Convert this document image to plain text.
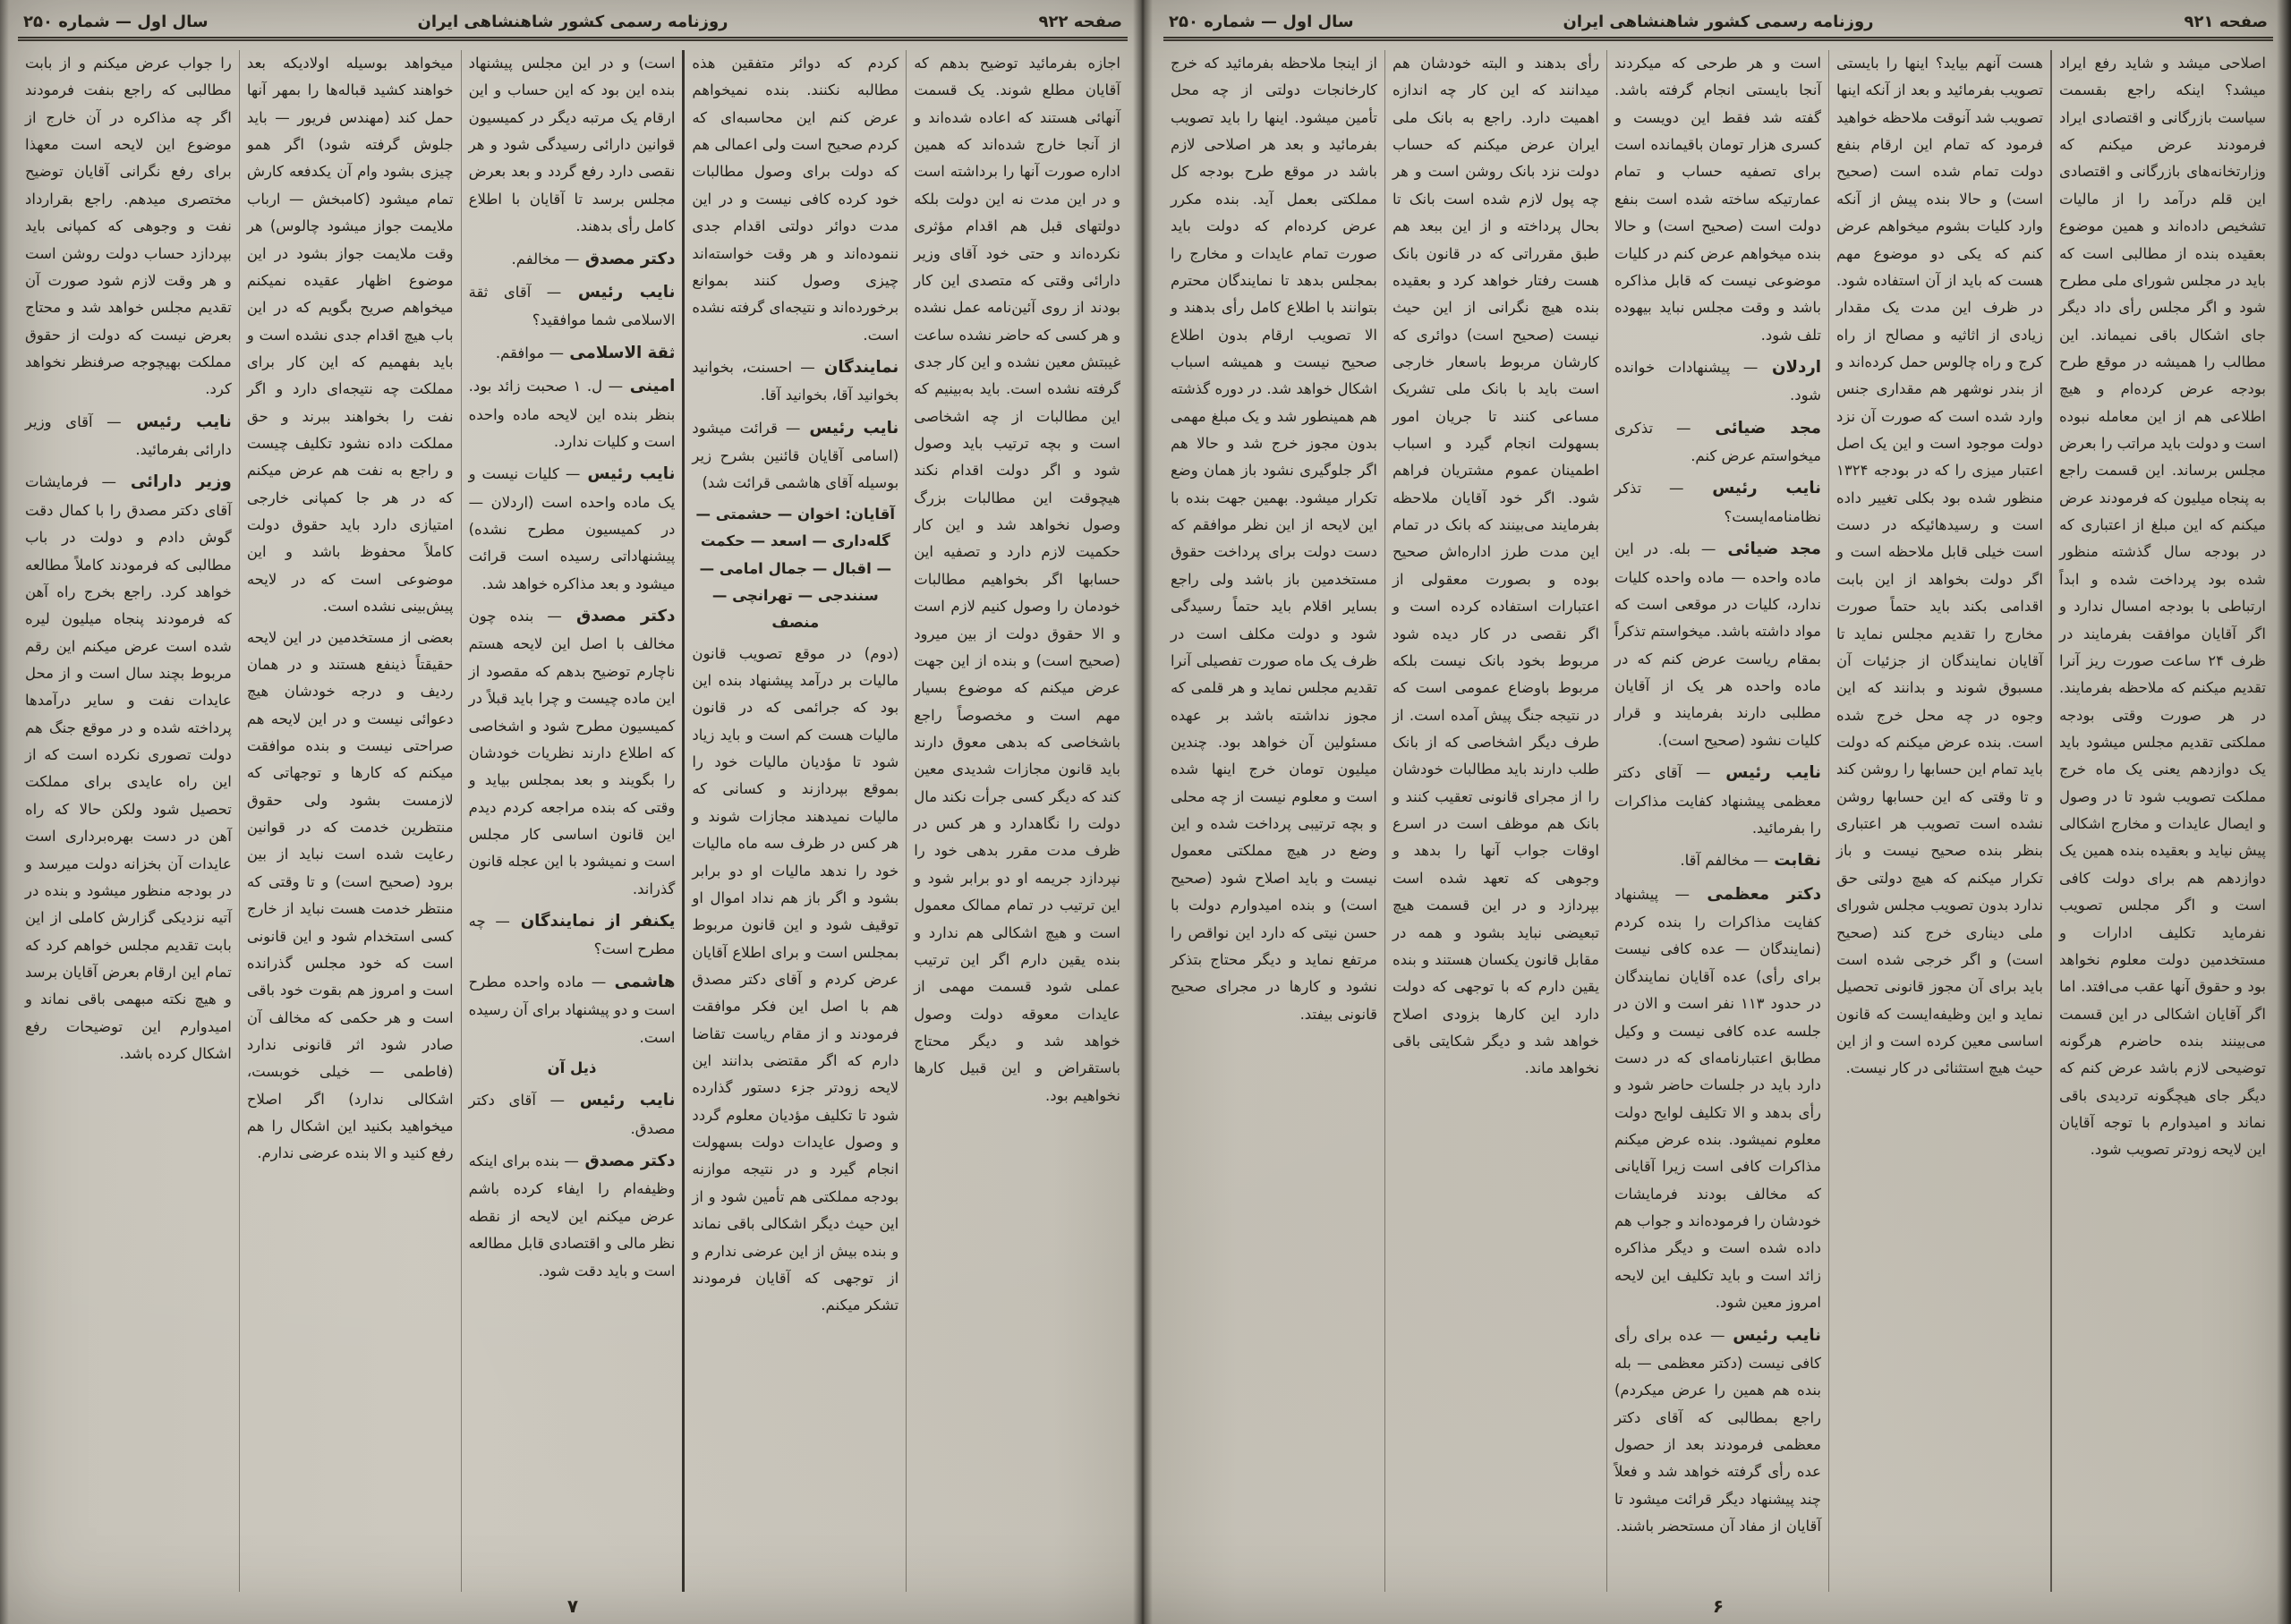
صفحه ۹۲۱
روزنامه رسمی کشور شاهنشاهی ایران
سال اول — شماره ۲۵۰

اصلاحی میشد و شاید رفع ایراد میشد؟ اینکه راجع بقسمت سیاست بازرگانی و اقتصادی ایراد فرمودند عرض میکنم که وزارتخانه‌های بازرگانی و اقتصادی این قلم درآمد را از مالیات تشخیص داده‌اند و همین موضوع بعقیده بنده از مطالبی است که باید در مجلس شورای ملی مطرح شود و اگر مجلس رأی داد دیگر جای اشکال باقی نمیماند. این مطالب را همیشه در موقع طرح بودجه عرض کرده‌ام و هیچ اطلاعی هم از این معامله نبوده است و دولت باید مراتب را بعرض مجلس برساند. این قسمت راجع به پنجاه میلیون که فرمودند عرض میکنم که این مبلغ از اعتباری که در بودجه سال گذشته منظور شده بود پرداخت شده و ابداً ارتباطی با بودجه امسال ندارد و اگر آقایان موافقت بفرمایند در ظرف ۲۴ ساعت صورت ریز آنرا تقدیم میکنم که ملاحظه بفرمایند. در هر صورت وقتی بودجه مملکتی تقدیم مجلس میشود باید یک دوازدهم یعنی یک ماه خرج مملکت تصویب شود تا در وصول و ایصال عایدات و مخارج اشکالی پیش نیاید و بعقیده بنده همین یک دوازدهم هم برای دولت کافی است و اگر مجلس تصویب نفرماید تکلیف ادارات و مستخدمین دولت معلوم نخواهد بود و حقوق آنها عقب می‌افتد. اما اگر آقایان اشکالی در این قسمت می‌بینند بنده حاضرم هرگونه توضیحی لازم باشد عرض کنم که دیگر جای هیچگونه تردیدی باقی نماند و امیدوارم با توجه آقایان این لایحه زودتر تصویب شود.

هست آنهم بیاید؟ اینها را بایستی تصویب بفرمائید و بعد از آنکه اینها تصویب شد آنوقت ملاحظه خواهید فرمود که تمام این ارقام بنفع دولت تمام شده است (صحیح است) و حالا بنده پیش از آنکه وارد کلیات بشوم میخواهم عرض کنم که یکی دو موضوع مهم هست که باید از آن استفاده شود. در ظرف این مدت یک مقدار زیادی از اثاثیه و مصالح از راه کرج و راه چالوس حمل کرده‌اند و از بندر نوشهر هم مقداری جنس وارد شده است که صورت آن نزد دولت موجود است و این یک اصل اعتبار میزی را که در بودجه ۱۳۲۴ منظور شده بود بکلی تغییر داده است و رسیدهائیکه در دست است خیلی قابل ملاحظه است و اگر دولت بخواهد از این بابت اقدامی بکند باید حتماً صورت مخارج را تقدیم مجلس نماید تا آقایان نمایندگان از جزئیات آن مسبوق شوند و بدانند که این وجوه در چه محل خرج شده است. بنده عرض میکنم که دولت باید تمام این حسابها را روشن کند و تا وقتی که این حسابها روشن نشده است تصویب هر اعتباری بنظر بنده صحیح نیست و باز تکرار میکنم که هیچ دولتی حق ندارد بدون تصویب مجلس شورای ملی دیناری خرج کند (صحیح است) و اگر خرجی شده است باید برای آن مجوز قانونی تحصیل نماید و این وظیفه‌ایست که قانون اساسی معین کرده است و از این حیث هیچ استثنائی در کار نیست.

است و هر طرحی که میکردند آنجا بایستی انجام گرفته باشد. گفته شد فقط این دویست و کسری هزار تومان باقیمانده است برای تصفیه حساب و تمام عمارتیکه ساخته شده است بنفع دولت است (صحیح است) و حالا بنده میخواهم عرض کنم در کلیات موضوعی نیست که قابل مذاکره باشد و وقت مجلس نباید بیهوده تلف شود.

اردلان — پیشنهادات خوانده شود.

مجد ضیائی — تذکری میخواستم عرض کنم.

نایب رئیس — تذکر نظامنامه‌ایست؟

مجد ضیائی — بله. در این ماده واحده — ماده واحده کلیات ندارد، کلیات در موقعی است که مواد داشته باشد. میخواستم تذکراً بمقام ریاست عرض کنم که در ماده واحده هر یک از آقایان مطلبی دارند بفرمایند و قرار کلیات نشود (صحیح است).

نایب رئیس — آقای دکتر معظمی پیشنهاد کفایت مذاکرات را بفرمائید.

نقابت — مخالفم آقا.

دکتر معظمی — پیشنهاد کفایت مذاکرات را بنده کردم (نمایندگان — عده کافی نیست برای رأی) عده آقایان نمایندگان در حدود ۱۱۳ نفر است و الان در جلسه عده کافی نیست و وکیل مطابق اعتبارنامه‌ای که در دست دارد باید در جلسات حاضر شود و رأی بدهد و الا تکلیف لوایح دولت معلوم نمیشود. بنده عرض میکنم مذاکرات کافی است زیرا آقایانی که مخالف بودند فرمایشات خودشان را فرموده‌اند و جواب هم داده شده است و دیگر مذاکره زائد است و باید تکلیف این لایحه امروز معین شود.

نایب رئیس — عده برای رأی کافی نیست (دکتر معظمی — بله بنده هم همین را عرض میکردم) راجع بمطالبی که آقای دکتر معظمی فرمودند بعد از حصول عده رأی گرفته خواهد شد و فعلاً چند پیشنهاد دیگر قرائت میشود تا آقایان از مفاد آن مستحضر باشند.

رأی بدهند و البته خودشان هم میدانند که این کار چه اندازه اهمیت دارد. راجع به بانک ملی ایران عرض میکنم که حساب دولت نزد بانک روشن است و هر چه پول لازم شده است بانک تا بحال پرداخته و از این ببعد هم طبق مقرراتی که در قانون بانک هست رفتار خواهد کرد و بعقیده بنده هیچ نگرانی از این حیث نیست (صحیح است) دوائری که کارشان مربوط باسعار خارجی است باید با بانک ملی تشریک مساعی کنند تا جریان امور بسهولت انجام گیرد و اسباب اطمینان عموم مشتریان فراهم شود. اگر خود آقایان ملاحظه بفرمایند می‌بینند که بانک در تمام این مدت طرز اداره‌اش صحیح بوده و بصورت معقولی از اعتبارات استفاده کرده است و اگر نقصی در کار دیده شود مربوط بخود بانک نیست بلکه مربوط باوضاع عمومی است که در نتیجه جنگ پیش آمده است. از طرف دیگر اشخاصی که از بانک طلب دارند باید مطالبات خودشان را از مجرای قانونی تعقیب کنند و بانک هم موظف است در اسرع اوقات جواب آنها را بدهد و وجوهی که تعهد شده است بپردازد و در این قسمت هیچ تبعیضی نباید بشود و همه در مقابل قانون یکسان هستند و بنده یقین دارم که با توجهی که دولت دارد این کارها بزودی اصلاح خواهد شد و دیگر شکایتی باقی نخواهد ماند.

از اینجا ملاحظه بفرمائید که خرج کارخانجات دولتی از چه محل تأمین میشود. اینها را باید تصویب بفرمائید و بعد هر اصلاحی لازم باشد در موقع طرح بودجه کل مملکتی بعمل آید. بنده مکرر عرض کرده‌ام که دولت باید صورت تمام عایدات و مخارج را بمجلس بدهد تا نمایندگان محترم بتوانند با اطلاع کامل رأی بدهند و الا تصویب ارقام بدون اطلاع صحیح نیست و همیشه اسباب اشکال خواهد شد. در دوره گذشته هم همینطور شد و یک مبلغ مهمی بدون مجوز خرج شد و حالا هم اگر جلوگیری نشود باز همان وضع تکرار میشود. بهمین جهت بنده با این لایحه از این نظر موافقم که دست دولت برای پرداخت حقوق مستخدمین باز باشد ولی راجع بسایر اقلام باید حتماً رسیدگی شود و دولت مکلف است در ظرف یک ماه صورت تفصیلی آنرا تقدیم مجلس نماید و هر قلمی که مجوز نداشته باشد بر عهده مسئولین آن خواهد بود. چندین میلیون تومان خرج اینها شده است و معلوم نیست از چه محلی و بچه ترتیبی پرداخت شده و این وضع در هیچ مملکتی معمول نیست و باید اصلاح شود (صحیح است) و بنده امیدوارم دولت با حسن نیتی که دارد این نواقص را مرتفع نماید و دیگر محتاج بتذکر نشود و کارها در مجرای صحیح قانونی بیفتد.

۶
صفحه ۹۲۲
روزنامه رسمی کشور شاهنشاهی ایران
سال اول — شماره ۲۵۰

اجازه بفرمائید توضیح بدهم که آقایان مطلع شوند. یک قسمت آنهائی هستند که اعاده شده‌اند و از آنجا خارج شده‌اند که همین اداره صورت آنها را برداشته است و در این مدت نه این دولت بلکه دولتهای قبل هم اقدام مؤثری نکرده‌اند و حتی خود آقای وزیر دارائی وقتی که متصدی این کار بودند از روی آئین‌نامه عمل نشده و هر کسی که حاضر نشده ساعت غیبتش معین نشده و این کار جدی گرفته نشده است. باید به‌بینیم که این مطالبات از چه اشخاصی است و بچه ترتیب باید وصول شود و اگر دولت اقدام نکند هیچوقت این مطالبات بزرگ وصول نخواهد شد و این کار حکمیت لازم دارد و تصفیه این حسابها اگر بخواهیم مطالبات خودمان را وصول کنیم لازم است و الا حقوق دولت از بین میرود (صحیح است) و بنده از این جهت عرض میکنم که موضوع بسیار مهم است و مخصوصاً راجع باشخاصی که بدهی معوق دارند باید قانون مجازات شدیدی معین کند که دیگر کسی جرأت نکند مال دولت را نگاهدارد و هر کس در ظرف مدت مقرر بدهی خود را نپردازد جریمه او دو برابر شود و این ترتیب در تمام ممالک معمول است و هیچ اشکالی هم ندارد و بنده یقین دارم اگر این ترتیب عملی شود قسمت مهمی از عایدات معوقه دولت وصول خواهد شد و دیگر محتاج باستقراض و این قبیل کارها نخواهیم بود.

کردم که دوائر متفقین هذه مطالبه نکنند. بنده نمیخواهم عرض کنم این محاسبه‌ای که کردم صحیح است ولی اعمالی هم که دولت برای وصول مطالبات خود کرده کافی نیست و در این مدت دوائر دولتی اقدام جدی ننموده‌اند و هر وقت خواسته‌اند چیزی وصول کنند بموانع برخورده‌اند و نتیجه‌ای گرفته نشده است.

نمایندگان — احسنت، بخوانید بخوانید آقا، بخوانید آقا.

نایب رئیس — قرائت میشود (اسامی آقایان قائنین بشرح زیر بوسیله آقای هاشمی قرائت شد)

آقایان: اخوان — حشمتی — گله‌داری — اسعد — حکمت — اقبال — جمال امامی — سنندجی — تهرانچی — منصف

(دوم) در موقع تصویب قانون مالیات بر درآمد پیشنهاد بنده این بود که جرائمی که در قانون مالیات هست کم است و باید زیاد شود تا مؤدیان مالیات خود را بموقع بپردازند و کسانی که مالیات نمیدهند مجازات شوند و هر کس در ظرف سه ماه مالیات خود را ندهد مالیات او دو برابر بشود و اگر باز هم نداد اموال او توقیف شود و این قانون مربوط بمجلس است و برای اطلاع آقایان عرض کردم و آقای دکتر مصدق هم با اصل این فکر موافقت فرمودند و از مقام ریاست تقاضا دارم که اگر مقتضی بدانند این لایحه زودتر جزء دستور گذارده شود تا تکلیف مؤدیان معلوم گردد و وصول عایدات دولت بسهولت انجام گیرد و در نتیجه موازنه بودجه مملکتی هم تأمین شود و از این حیث دیگر اشکالی باقی نماند و بنده بیش از این عرضی ندارم و از توجهی که آقایان فرمودند تشکر میکنم.

است) و در این مجلس پیشنهاد بنده این بود که این حساب و این ارقام یک مرتبه دیگر در کمیسیون قوانین دارائی رسیدگی شود و هر نقصی دارد رفع گردد و بعد بعرض مجلس برسد تا آقایان با اطلاع کامل رأی بدهند.

دکتر مصدق — مخالفم.

نایب رئیس — آقای ثقة الاسلامی شما موافقید؟

ثقة الاسلامی — موافقم.

امینی — ل. ۱ صحبت زائد بود. بنظر بنده این لایحه ماده واحده است و کلیات ندارد.

نایب رئیس — کلیات نیست و یک ماده واحده است (اردلان — در کمیسیون مطرح نشده) پیشنهاداتی رسیده است قرائت میشود و بعد مذاکره خواهد شد.

دکتر مصدق — بنده چون مخالف با اصل این لایحه هستم ناچارم توضیح بدهم که مقصود از این ماده چیست و چرا باید قبلاً در کمیسیون مطرح شود و اشخاصی که اطلاع دارند نظریات خودشان را بگویند و بعد بمجلس بیاید و وقتی که بنده مراجعه کردم دیدم این قانون اساسی کار مجلس است و نمیشود با این عجله قانون گذراند.

یکنفر از نمایندگان — چه مطرح است؟

هاشمی — ماده واحده مطرح است و دو پیشنهاد برای آن رسیده است.

ذیل آن

نایب رئیس — آقای دکتر مصدق.

دکتر مصدق — بنده برای اینکه وظیفه‌ام را ایفاء کرده باشم عرض میکنم این لایحه از نقطه نظر مالی و اقتصادی قابل مطالعه است و باید دقت شود.

میخواهد بوسیله اولادیکه بعد خواهند کشید قباله‌ها را بمهر آنها حمل کند (مهندس فریور — باید جلوش گرفته شود) اگر همو چیزی بشود وام آن یکدفعه کارش تمام میشود (کامبخش — ارباب ملایمت جواز میشود چالوس) هر وقت ملایمت جواز بشود در این موضوع اظهار عقیده نمیکنم میخواهم صریح بگویم که در این باب هیچ اقدام جدی نشده است و باید بفهمیم که این کار برای مملکت چه نتیجه‌ای دارد و اگر نفت را بخواهند ببرند و حق مملکت داده نشود تکلیف چیست و راجع به نفت هم عرض میکنم که در هر جا کمپانی خارجی امتیازی دارد باید حقوق دولت کاملاً محفوظ باشد و این موضوعی است که در لایحه پیش‌بینی نشده است.

بعضی از مستخدمین در این لایحه حقیقتاً ذینفع هستند و در همان ردیف و درجه خودشان هیچ دعوائی نیست و در این لایحه هم صراحتی نیست و بنده موافقت میکنم که کارها و توجهاتی که لازمست بشود ولی حقوق منتظرین خدمت که در قوانین رعایت شده است نباید از بین برود (صحیح است) و تا وقتی که منتظر خدمت هست نباید از خارج کسی استخدام شود و این قانونی است که خود مجلس گذرانده است و امروز هم بقوت خود باقی است و هر حکمی که مخالف آن صادر شود اثر قانونی ندارد (فاطمی — خیلی خوبست، اشکالی ندارد) اگر اصلاح میخواهید بکنید این اشکال را هم رفع کنید و الا بنده عرضی ندارم.

را جواب عرض میکنم و از بابت مطالبی که راجع بنفت فرمودند اگر چه مذاکره در آن خارج از موضوع این لایحه است معهذا برای رفع نگرانی آقایان توضیح مختصری میدهم. راجع بقرارداد نفت و وجوهی که کمپانی باید بپردازد حساب دولت روشن است و هر وقت لازم شود صورت آن تقدیم مجلس خواهد شد و محتاج بعرض نیست که دولت از حقوق مملکت بهیچوجه صرفنظر نخواهد کرد.

نایب رئیس — آقای وزیر دارائی بفرمائید.

وزیر دارائی — فرمایشات آقای دکتر مصدق را با کمال دقت گوش دادم و دولت در باب مطالبی که فرمودند کاملاً مطالعه خواهد کرد. راجع بخرج راه آهن که فرمودند پنجاه میلیون لیره شده است عرض میکنم این رقم مربوط بچند سال است و از محل عایدات نفت و سایر درآمدها پرداخته شده و در موقع جنگ هم دولت تصوری نکرده است که از این راه عایدی برای مملکت تحصیل شود ولکن حالا که راه آهن در دست بهره‌برداری است عایدات آن بخزانه دولت میرسد و در بودجه منظور میشود و بنده در آتیه نزدیکی گزارش کاملی از این بابت تقدیم مجلس خواهم کرد که تمام این ارقام بعرض آقایان برسد و هیچ نکته مبهمی باقی نماند و امیدوارم این توضیحات رفع اشکال کرده باشد.

۷
